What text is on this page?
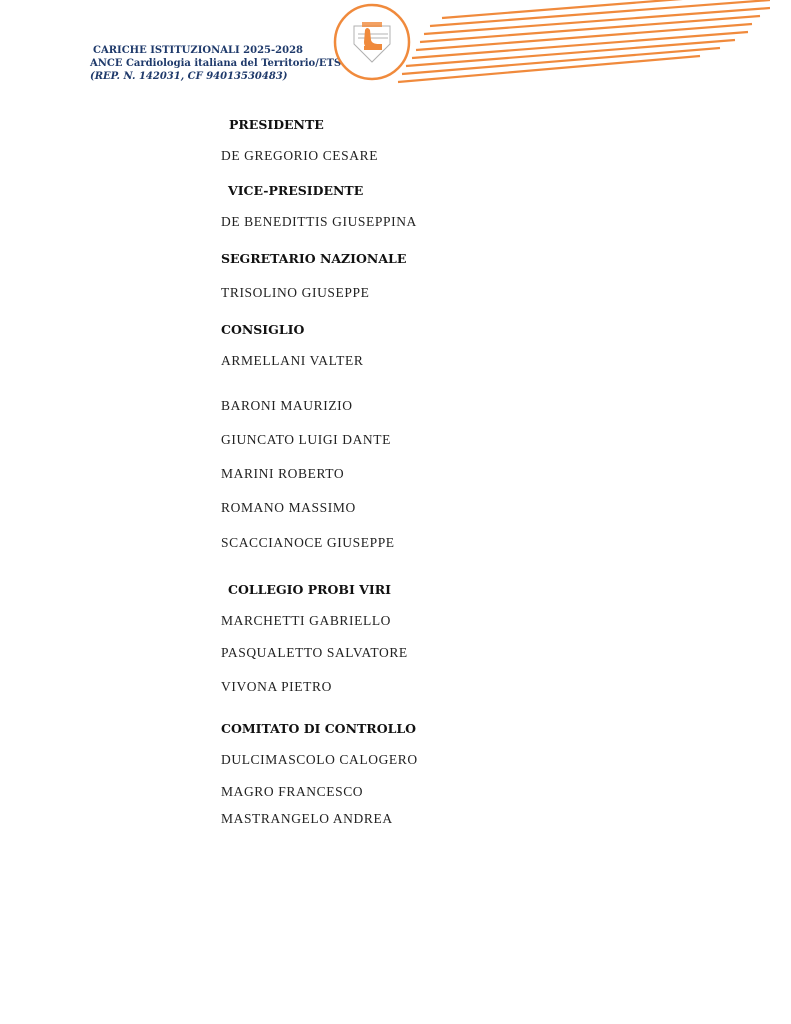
CARICHE ISTITUZIONALI 2025-2028
ANCE Cardiologia italiana del Territorio/ETS
(REP. N. 142031, CF 94013530483)
PRESIDENTE
DE GREGORIO CESARE
VICE-PRESIDENTE
DE BENEDITTIS GIUSEPPINA
SEGRETARIO NAZIONALE
TRISOLINO GIUSEPPE
CONSIGLIO
ARMELLANI VALTER
BARONI MAURIZIO
GIUNCATO LUIGI DANTE
MARINI ROBERTO
ROMANO MASSIMO
SCACCIANOCE GIUSEPPE
COLLEGIO PROBI VIRI
MARCHETTI GABRIELLO
PASQUALETTO SALVATORE
VIVONA PIETRO
COMITATO DI CONTROLLO
DULCIMASCOLO CALOGERO
MAGRO FRANCESCO
MASTRANGELO ANDREA
